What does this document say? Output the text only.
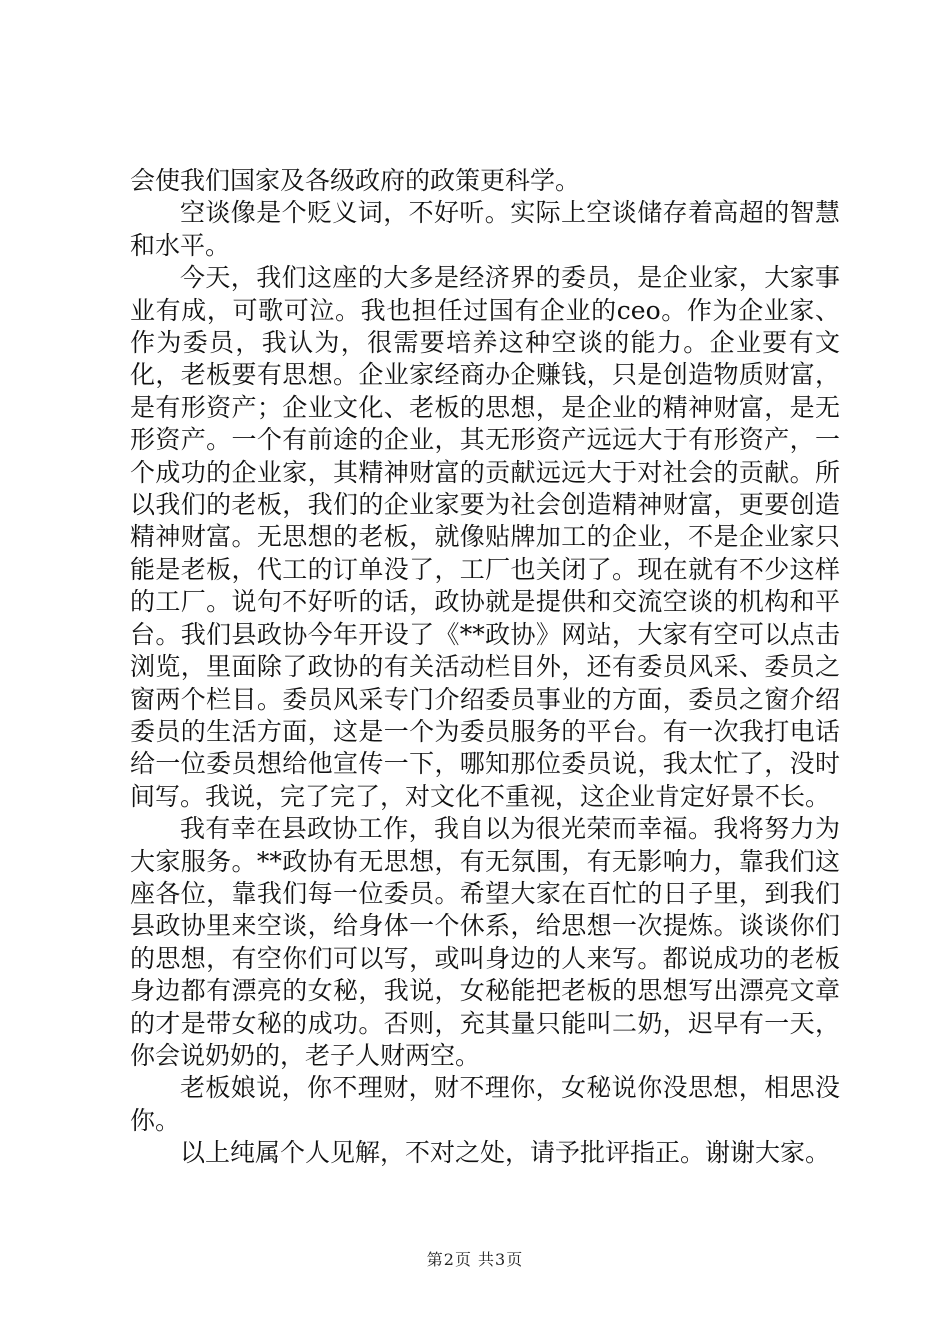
会使我们国家及各级政府的政策更科学。

空谈像是个贬义词，不好听。实际上空谈储存着高超的智慧和水平。

今天，我们这座的大多是经济界的委员，是企业家，大家事业有成，可歌可泣。我也担任过国有企业的ceo。作为企业家、作为委员，我认为，很需要培养这种空谈的能力。企业要有文化，老板要有思想。企业家经商办企赚钱，只是创造物质财富，是有形资产；企业文化、老板的思想，是企业的精神财富，是无形资产。一个有前途的企业，其无形资产远远大于有形资产，一个成功的企业家，其精神财富的贡献远远大于对社会的贡献。所以我们的老板，我们的企业家要为社会创造精神财富，更要创造精神财富。无思想的老板，就像贴牌加工的企业，不是企业家只能是老板，代工的订单没了，工厂也关闭了。现在就有不少这样的工厂。说句不好听的话，政协就是提供和交流空谈的机构和平台。我们县政协今年开设了《**政协》网站，大家有空可以点击浏览，里面除了政协的有关活动栏目外，还有委员风采、委员之窗两个栏目。委员风采专门介绍委员事业的方面，委员之窗介绍委员的生活方面，这是一个为委员服务的平台。有一次我打电话给一位委员想给他宣传一下，哪知那位委员说，我太忙了，没时间写。我说，完了完了，对文化不重视，这企业肯定好景不长。

我有幸在县政协工作，我自以为很光荣而幸福。我将努力为大家服务。**政协有无思想，有无氛围，有无影响力，靠我们这座各位，靠我们每一位委员。希望大家在百忙的日子里，到我们县政协里来空谈，给身体一个休系，给思想一次提炼。谈谈你们的思想，有空你们可以写，或叫身边的人来写。都说成功的老板身边都有漂亮的女秘，我说，女秘能把老板的思想写出漂亮文章的才是带女秘的成功。否则，充其量只能叫二奶，迟早有一天，你会说奶奶的，老子人财两空。

老板娘说，你不理财，财不理你，女秘说你没思想，相思没你。

以上纯属个人见解，不对之处，请予批评指正。谢谢大家。

第2页 共3页
